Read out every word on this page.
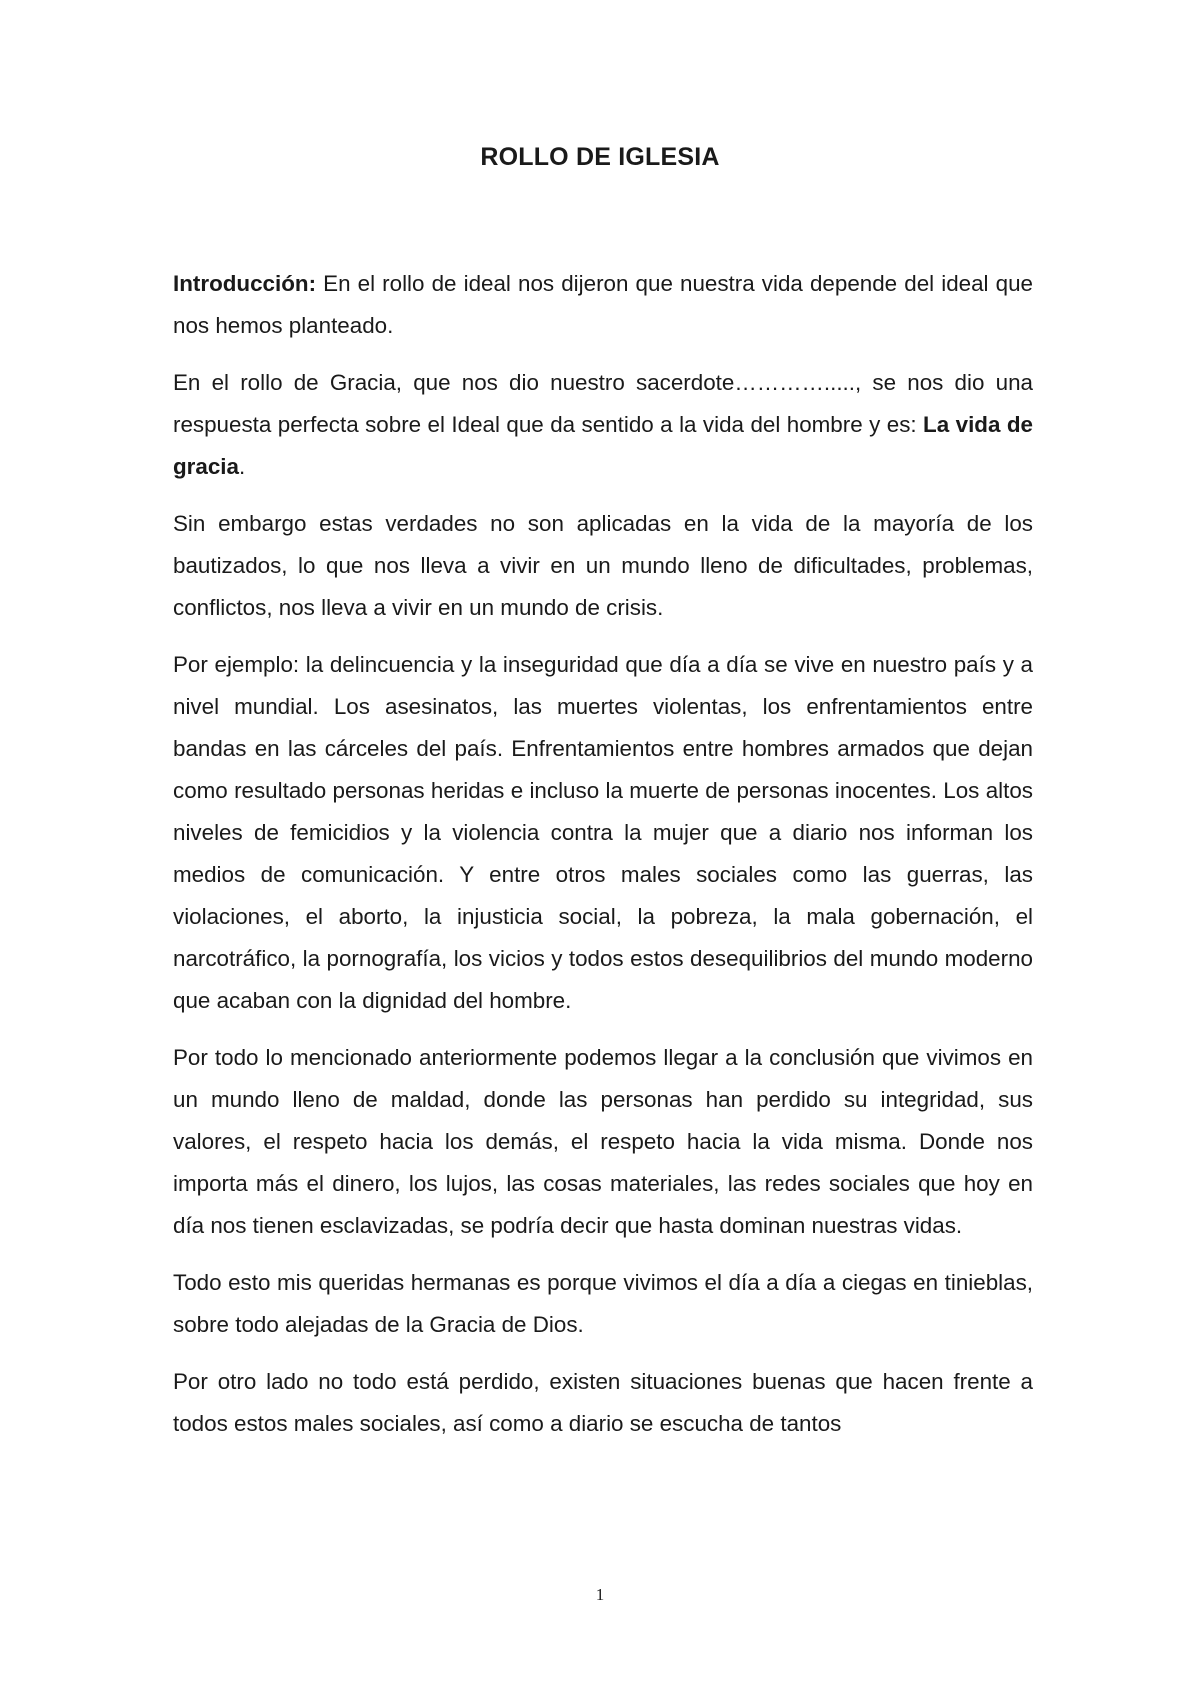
ROLLO DE IGLESIA

Introducción: En el rollo de ideal nos dijeron que nuestra vida depende del ideal que nos hemos planteado.

En el rollo de Gracia, que nos dio nuestro sacerdote…………....., se nos dio una respuesta perfecta sobre el Ideal que da sentido a la vida del hombre y es: La vida de gracia.

Sin embargo estas verdades no son aplicadas en la vida de la mayoría de los bautizados, lo que nos lleva a vivir en un mundo lleno de dificultades, problemas, conflictos, nos lleva a vivir en un mundo de crisis.

Por ejemplo: la delincuencia y la inseguridad que día a día se vive en nuestro país y a nivel mundial. Los asesinatos, las muertes violentas, los enfrentamientos entre bandas en las cárceles del país. Enfrentamientos entre hombres armados que dejan como resultado personas heridas e incluso la muerte de personas inocentes. Los altos niveles de femicidios y la violencia contra la mujer que a diario nos informan los medios de comunicación. Y entre otros males sociales como las guerras, las violaciones, el aborto, la injusticia social, la pobreza, la mala gobernación, el narcotráfico, la pornografía, los vicios y todos estos desequilibrios del mundo moderno que acaban con la dignidad del hombre.

Por todo lo mencionado anteriormente podemos llegar a la conclusión que vivimos en un mundo lleno de maldad, donde las personas han perdido su integridad, sus valores, el respeto hacia los demás, el respeto hacia la vida misma. Donde nos importa más el dinero, los lujos, las cosas materiales, las redes sociales que hoy en día nos tienen esclavizadas, se podría decir que hasta dominan nuestras vidas.

Todo esto mis queridas hermanas es porque vivimos el día a día a ciegas en tinieblas, sobre todo alejadas de la Gracia de Dios.

Por otro lado no todo está perdido, existen situaciones buenas que hacen frente a todos estos males sociales, así como a diario se escucha de tantos

1
